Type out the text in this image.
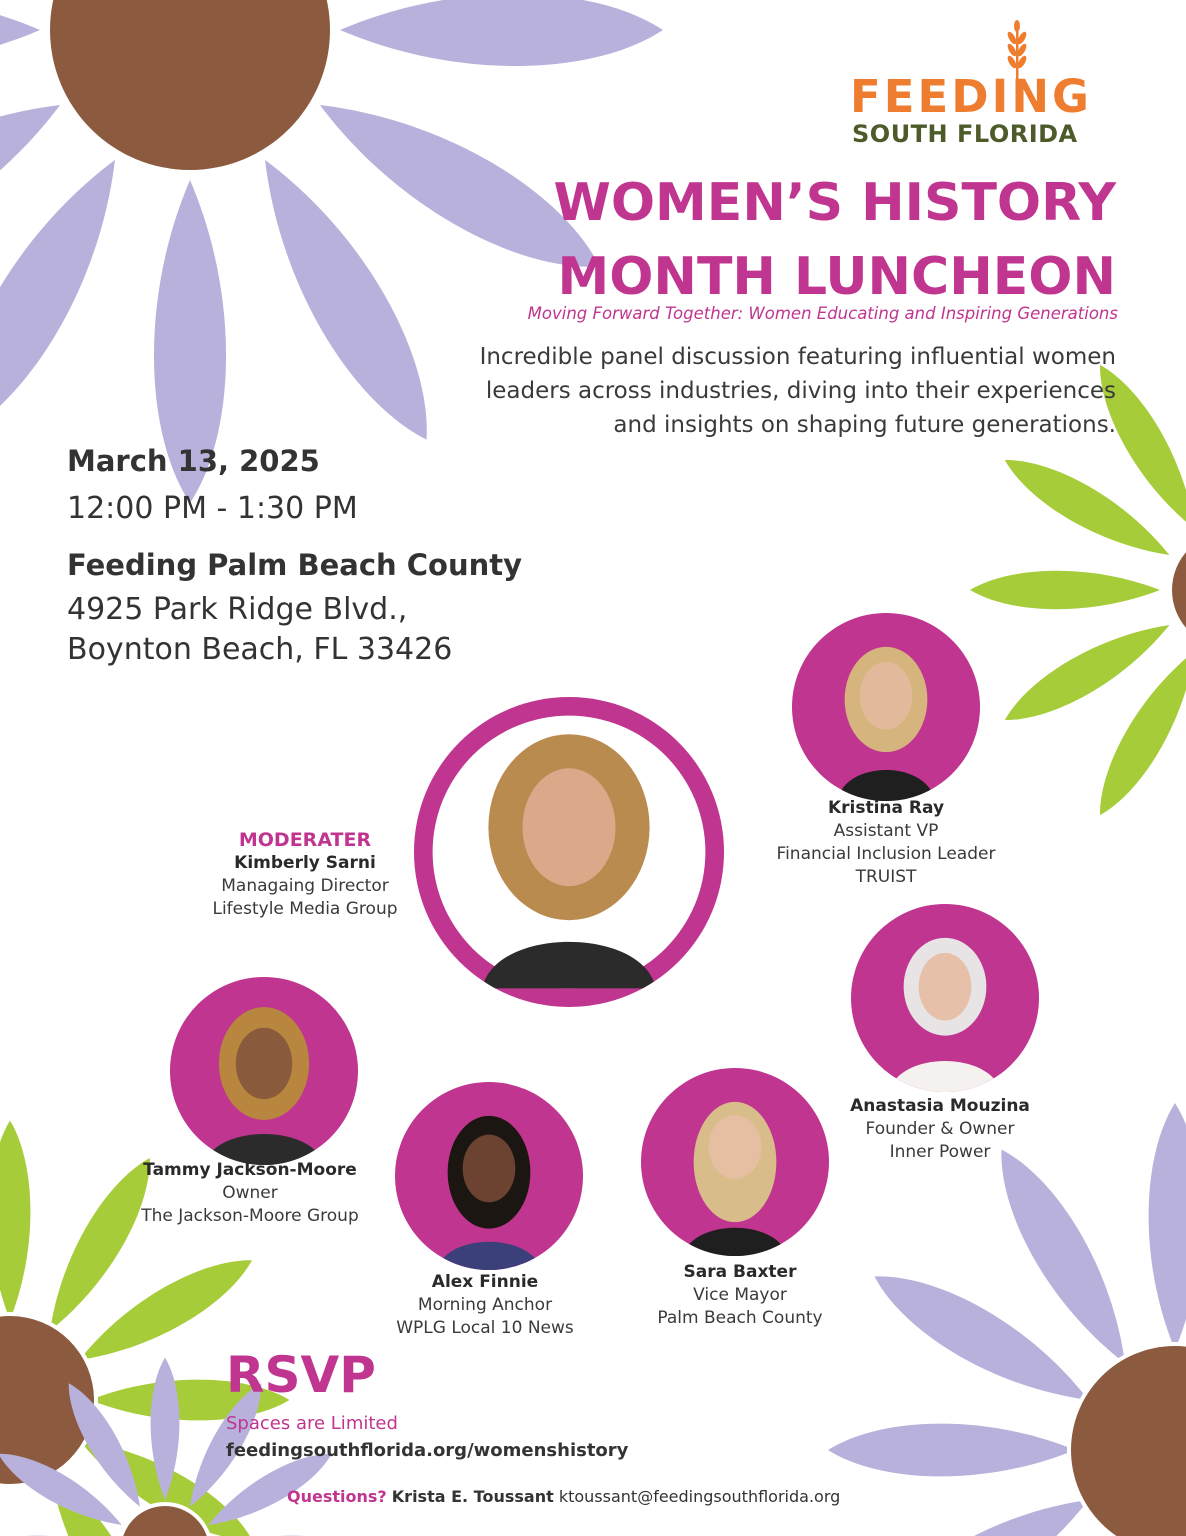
FEEDING
SOUTH FLORIDA
WOMEN’S HISTORY
MONTH LUNCHEON
Moving Forward Together: Women Educating and Inspiring Generations
Incredible panel discussion featuring influential women
leaders across industries, diving into their experiences
and insights on shaping future generations.
March 13, 2025
12:00 PM - 1:30 PM
Feeding Palm Beach County
4925 Park Ridge Blvd.,
Boynton Beach, FL 33426
MODERATER
Kimberly Sarni
Managaing Director
Lifestyle Media Group
Kristina Ray
Assistant VP
Financial Inclusion Leader
TRUIST
Anastasia Mouzina
Founder & Owner
Inner Power
Tammy Jackson-Moore
Owner
The Jackson-Moore Group
Alex Finnie
Morning Anchor
WPLG Local 10 News
Sara Baxter
Vice Mayor
Palm Beach County
RSVP
Spaces are Limited
feedingsouthflorida.org/womenshistory
Questions? Krista E. Toussant ktoussant@feedingsouthflorida.org
